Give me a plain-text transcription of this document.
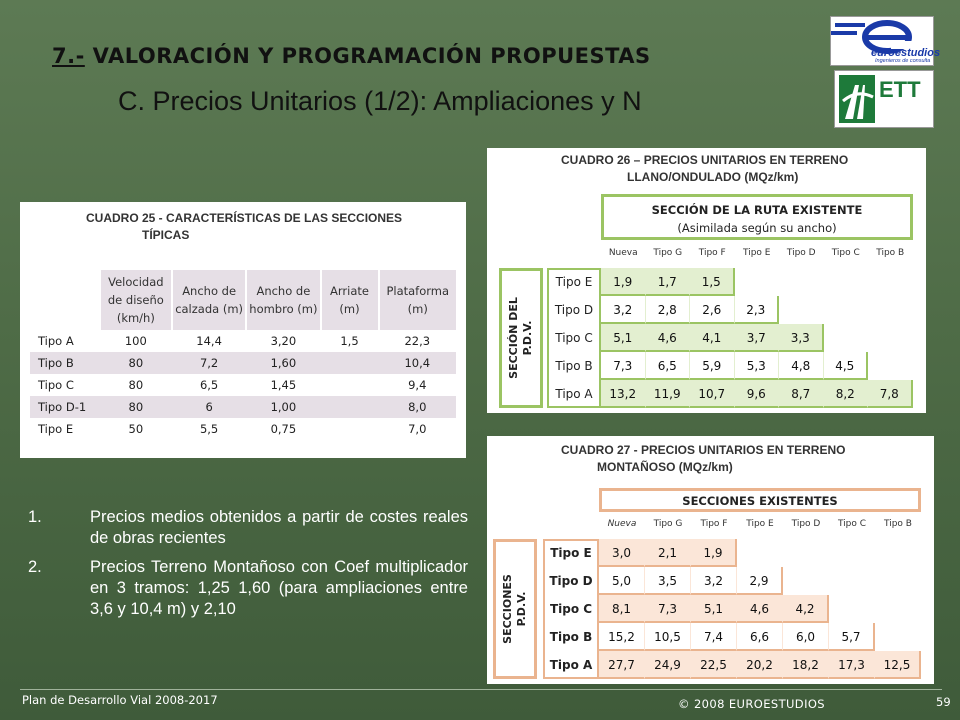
7.- VALORACIÓN Y PROGRAMACIÓN PROPUESTAS
C. Precios Unitarios (1/2): Ampliaciones y N
euroestudios
Ingenieros de consulta
ETT
CUADRO 25 - CARACTERÍSTICAS DE LAS SECCIONES
TÍPICAS
	Velocidad de diseño (km/h)	Ancho de calzada (m)	Ancho de hombro (m)	Arriate (m)	Plataforma (m)
Tipo A	100	14,4	3,20	1,5	22,3
Tipo B	80	7,2	1,60		10,4
Tipo C	80	6,5	1,45		9,4
Tipo D-1	80	6	1,00		8,0
Tipo E	50	5,5	0,75		7,0
CUADRO 26 – PRECIOS UNITARIOS EN TERRENO
LLANO/ONDULADO (MQz/km)
SECCIÓN DE LA RUTA EXISTENTE
(Asimilada según su ancho)
Nueva	Tipo G	Tipo F	Tipo E	Tipo D	Tipo C	Tipo B
SECCIÓN DEL P.D.V.
Tipo E	1,9	1,7	1,5
Tipo D	3,2	2,8	2,6	2,3
Tipo C	5,1	4,6	4,1	3,7	3,3
Tipo B	7,3	6,5	5,9	5,3	4,8	4,5
Tipo A	13,2	11,9	10,7	9,6	8,7	8,2	7,8
CUADRO 27 - PRECIOS UNITARIOS EN TERRENO
MONTAÑOSO (MQz/km)
SECCIONES EXISTENTES
Nueva	Tipo G	Tipo F	Tipo E	Tipo D	Tipo C	Tipo B
SECCIONES P.D.V.
Tipo E	3,0	2,1	1,9
Tipo D	5,0	3,5	3,2	2,9
Tipo C	8,1	7,3	5,1	4,6	4,2
Tipo B	15,2	10,5	7,4	6,6	6,0	5,7
Tipo A	27,7	24,9	22,5	20,2	18,2	17,3	12,5
1.	Precios medios obtenidos a partir de costes reales de obras recientes
2.	Precios Terreno Montañoso con Coef multiplicador en 3 tramos: 1,25 1,60 (para ampliaciones entre 3,6 y 10,4 m) y 2,10
Plan de Desarrollo Vial 2008-2017	© 2008 EUROESTUDIOS	59
